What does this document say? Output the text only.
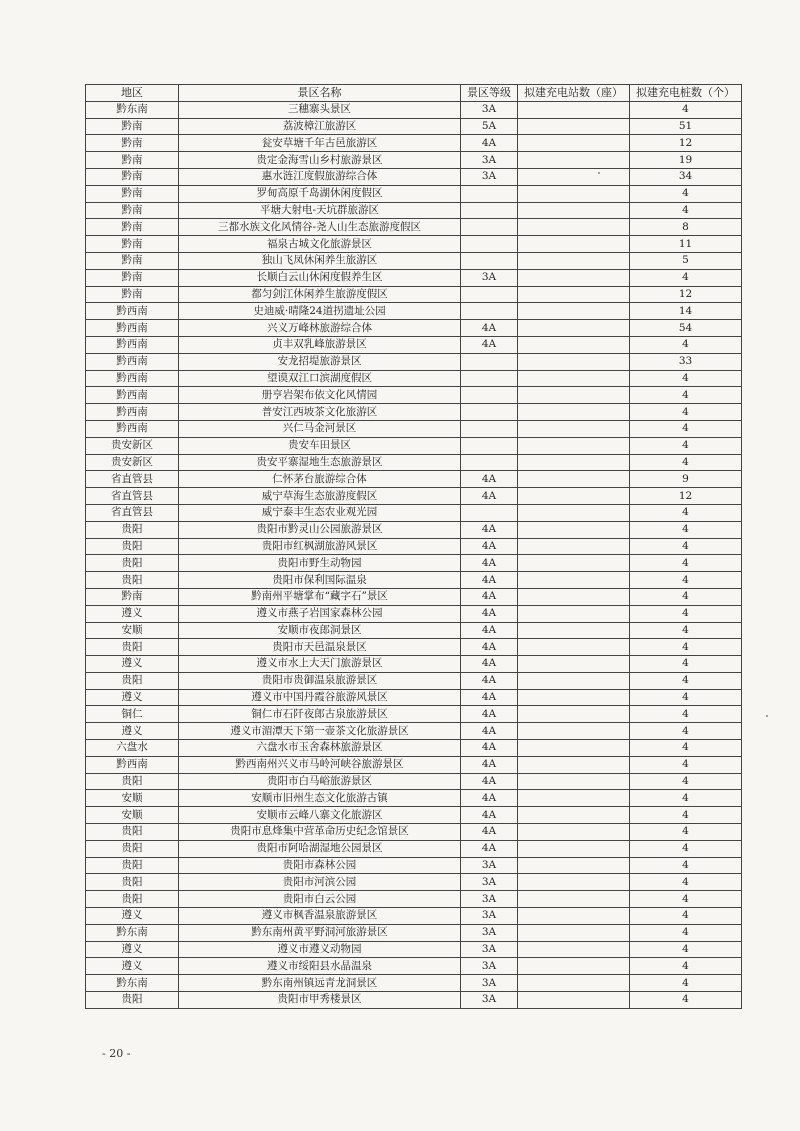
地区	景区名称	景区等级	拟建充电站数（座）	拟建充电桩数（个）
黔东南	三穗寨头景区	3A		4
黔南	荔波樟江旅游区	5A		51
黔南	瓮安草塘千年古邑旅游区	4A		12
黔南	贵定金海雪山乡村旅游景区	3A		19
黔南	惠水涟江度假旅游综合体	3A		34
黔南	罗甸高原千岛湖休闲度假区			4
黔南	平塘大射电-天坑群旅游区			4
黔南	三都水族文化风情谷-尧人山生态旅游度假区			8
黔南	福泉古城文化旅游景区			11
黔南	独山飞凤休闲养生旅游区			5
黔南	长顺白云山休闲度假养生区	3A		4
黔南	都匀剑江休闲养生旅游度假区			12
黔西南	史迪威·晴隆24道拐遗址公园			14
黔西南	兴义万峰林旅游综合体	4A		54
黔西南	贞丰双乳峰旅游景区	4A		4
黔西南	安龙招堤旅游景区			33
黔西南	望谟双江口滨湖度假区			4
黔西南	册亨岩架布依文化风情园			4
黔西南	普安江西坡茶文化旅游区			4
黔西南	兴仁马金河景区			4
贵安新区	贵安车田景区			4
贵安新区	贵安平寨湿地生态旅游景区			4
省直管县	仁怀茅台旅游综合体	4A		9
省直管县	威宁草海生态旅游度假区	4A		12
省直管县	威宁泰丰生态农业观光园			4
贵阳	贵阳市黔灵山公园旅游景区	4A		4
贵阳	贵阳市红枫湖旅游风景区	4A		4
贵阳	贵阳市野生动物园	4A		4
贵阳	贵阳市保利国际温泉	4A		4
黔南	黔南州平塘掌布“藏字石”景区	4A		4
遵义	遵义市燕子岩国家森林公园	4A		4
安顺	安顺市夜郎洞景区	4A		4
贵阳	贵阳市天邑温泉景区	4A		4
遵义	遵义市水上大天门旅游景区	4A		4
贵阳	贵阳市贵御温泉旅游景区	4A		4
遵义	遵义市中国丹霞谷旅游风景区	4A		4
铜仁	铜仁市石阡夜郎古泉旅游景区	4A		4
遵义	遵义市湄潭天下第一壶茶文化旅游景区	4A		4
六盘水	六盘水市玉舍森林旅游景区	4A		4
黔西南	黔西南州兴义市马岭河峡谷旅游景区	4A		4
贵阳	贵阳市白马峪旅游景区	4A		4
安顺	安顺市旧州生态文化旅游古镇	4A		4
安顺	安顺市云峰八寨文化旅游区	4A		4
贵阳	贵阳市息烽集中营革命历史纪念馆景区	4A		4
贵阳	贵阳市阿哈湖湿地公园景区	4A		4
贵阳	贵阳市森林公园	3A		4
贵阳	贵阳市河滨公园	3A		4
贵阳	贵阳市白云公园	3A		4
遵义	遵义市枫香温泉旅游景区	3A		4
黔东南	黔东南州黄平野洞河旅游景区	3A		4
遵义	遵义市遵义动物园	3A		4
遵义	遵义市绥阳县水晶温泉	3A		4
黔东南	黔东南州镇远青龙洞景区	3A		4
贵阳	贵阳市甲秀楼景区	3A		4
- 20 -
